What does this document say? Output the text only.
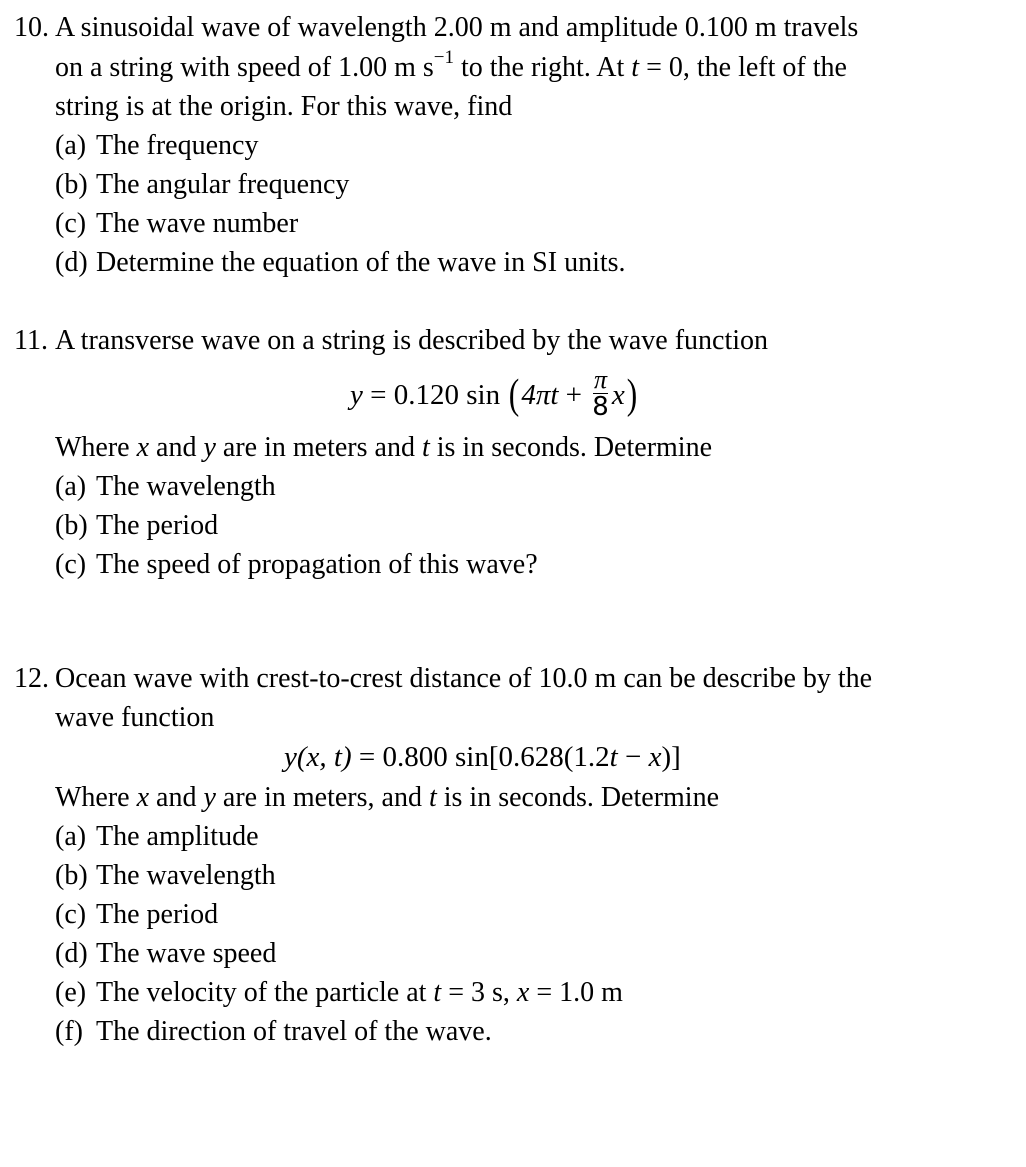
10. A sinusoidal wave of wavelength 2.00 m and amplitude 0.100 m travels
on a string with speed of 1.00 m $s^{-1}$ to the right. At t = 0, the left of the
string is at the origin. For this wave, find
(a) The frequency
(b) The angular frequency
(c) The wave number
(d) Determine the equation of the wave in SI units.
11. A transverse wave on a string is described by the wave function
y = 0.120 $\sin (4\pi t + \frac{\pi}{8} x)$
Where x and y are in meters and t is in seconds. Determine
(a) The wavelength
(b) The period
(c) The speed of propagation of this wave?
12. Ocean wave with crest-to-crest distance of 10.0 m can be describe by the
wave function
y(x, t) = 0.800 sin[0.628(1.2t − x)]
Where x and y are in meters, and t is in seconds. Determine
(a) The amplitude
(b) The wavelength
(c) The period
(d) The wave speed
(e) The velocity of the particle at t = 3 s, x = 1.0 m
(f) The direction of travel of the wave.
